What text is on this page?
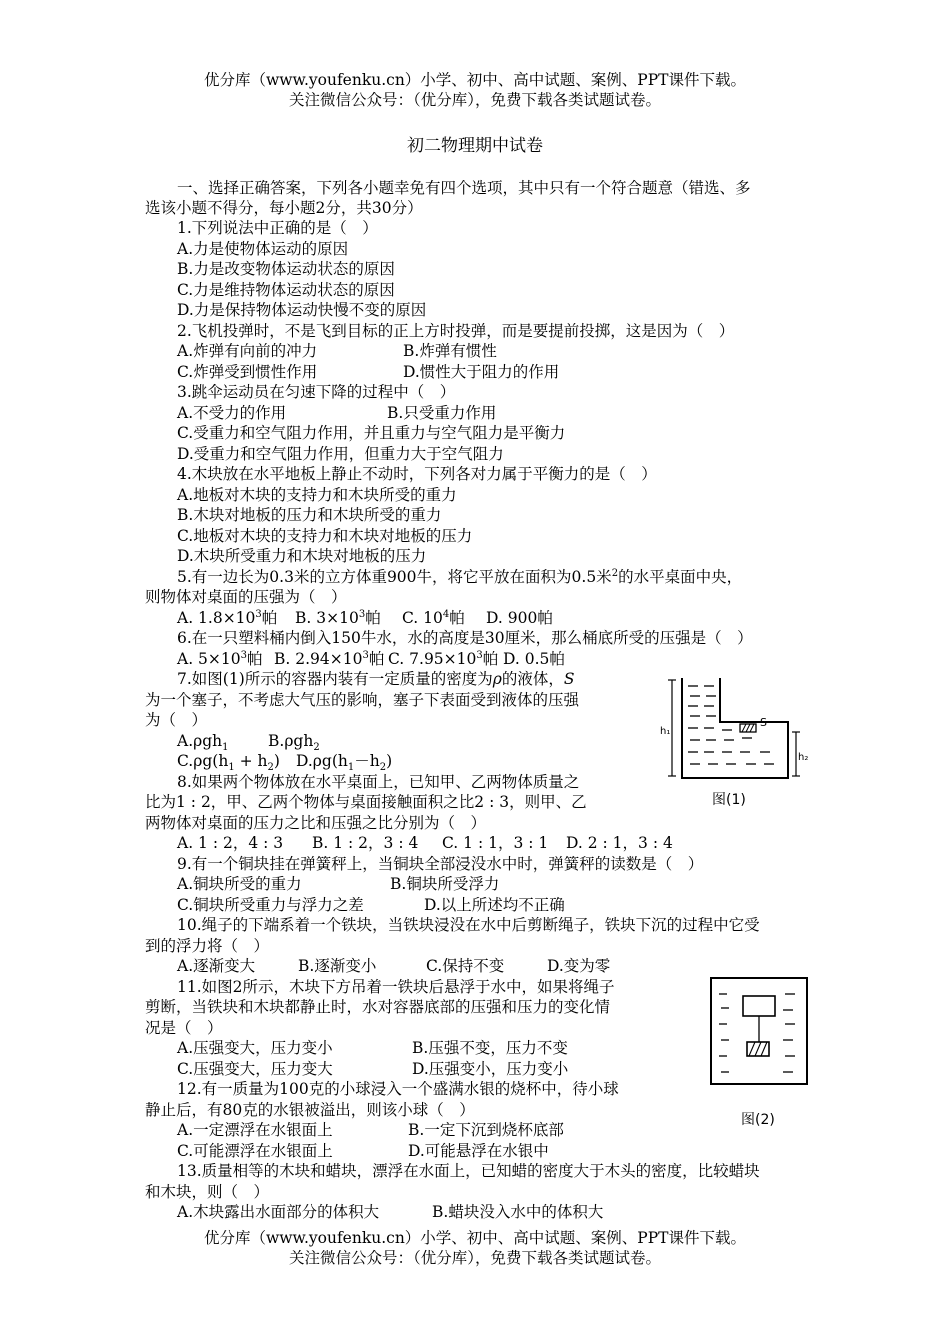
优分库（www.youfenku.cn）小学、初中、高中试题、案例、PPT课件下载。
关注微信公众号：（优分库），免费下载各类试题试卷。
初二物理期中试卷
一、选择正确答案，下列各小题幸免有四个选项，其中只有一个符合题意（错选、多
选该小题不得分，每小题2分，共30分）
1.下列说法中正确的是（　）
A.力是使物体运动的原因
B.力是改变物体运动状态的原因
C.力是维持物体运动状态的原因
D.力是保持物体运动快慢不变的原因
2.飞机投弹时，不是飞到目标的正上方时投弹，而是要提前投掷，这是因为（　）
A.炸弹有向前的冲力	B.炸弹有惯性
C.炸弹受到惯性作用	D.惯性大于阻力的作用
3.跳伞运动员在匀速下降的过程中（　）
A.不受力的作用	B.只受重力作用
C.受重力和空气阻力作用，并且重力与空气阻力是平衡力
D.受重力和空气阻力作用，但重力大于空气阻力
4.木块放在水平地板上静止不动时，下列各对力属于平衡力的是（　）
A.地板对木块的支持力和木块所受的重力
B.木块对地板的压力和木块所受的重力
C.地板对木块的支持力和木块对地板的压力
D.木块所受重力和木块对地板的压力
5.有一边长为0.3米的立方体重900牛，将它平放在面积为0.5米$^2$的水平桌面中央，
则物体对桌面的压强为（　）
A. $1.8\times 10^3$帕 B. $3\times 10^3$帕 C. $10^4$帕 D. 900帕
6.在一只塑料桶内倒入150牛水，水的高度是30厘米，那么桶底所受的压强是（　）
A. $5\times 10^3$帕 B. $2.94\times 10^3$帕 C. $7.95\times 10^3$帕 D. 0.5帕
7.如图(1)所示的容器内装有一定质量的密度为ρ的液体，S
为一个塞子，不考虑大气压的影响，塞子下表面受到液体的压强
为（　）
A.ρgh$_1$	B.ρgh$_2$
$C.\rho g(h_1 + h_2)$ $D.\rho g(h_1-h_2)$
S
h₁
h₂
图(1)
8.如果两个物体放在水平桌面上，已知甲、乙两物体质量之
比为1 : 2，甲、乙两个物体与桌面接触面积之比2 : 3，则甲、乙
两物体对桌面的压力之比和压强之比分别为（　）
A. 1 : 2，4 : 3 B. 1 : 2，3 : 4 C. 1 : 1，3 : 1 D. 2 : 1，3 : 4
9.有一个铜块挂在弹簧秤上，当铜块全部浸没水中时，弹簧秤的读数是（　）
A.铜块所受的重力	B.铜块所受浮力
C.铜块所受重力与浮力之差	D.以上所述均不正确
10.绳子的下端系着一个铁块，当铁块浸没在水中后剪断绳子，铁块下沉的过程中它受
到的浮力将（　）
A.逐渐变大	B.逐渐变小	C.保持不变	D.变为零
11.如图2所示，木块下方吊着一铁块后悬浮于水中，如果将绳子
剪断，当铁块和木块都静止时，水对容器底部的压强和压力的变化情
况是（　）
A.压强变大，压力变小	B.压强不变，压力不变
C.压强变大，压力变大	D.压强变小，压力变小
图(2)
12.有一质量为100克的小球浸入一个盛满水银的烧杯中，待小球
静止后，有80克的水银被溢出，则该小球（　）
A.一定漂浮在水银面上	B.一定下沉到烧杯底部
C.可能漂浮在水银面上	D.可能悬浮在水银中
13.质量相等的木块和蜡块，漂浮在水面上，已知蜡的密度大于木头的密度，比较蜡块
和木块，则（　）
A.木块露出水面部分的体积大	B.蜡块没入水中的体积大
优分库（www.youfenku.cn）小学、初中、高中试题、案例、PPT课件下载。
关注微信公众号：（优分库），免费下载各类试题试卷。
